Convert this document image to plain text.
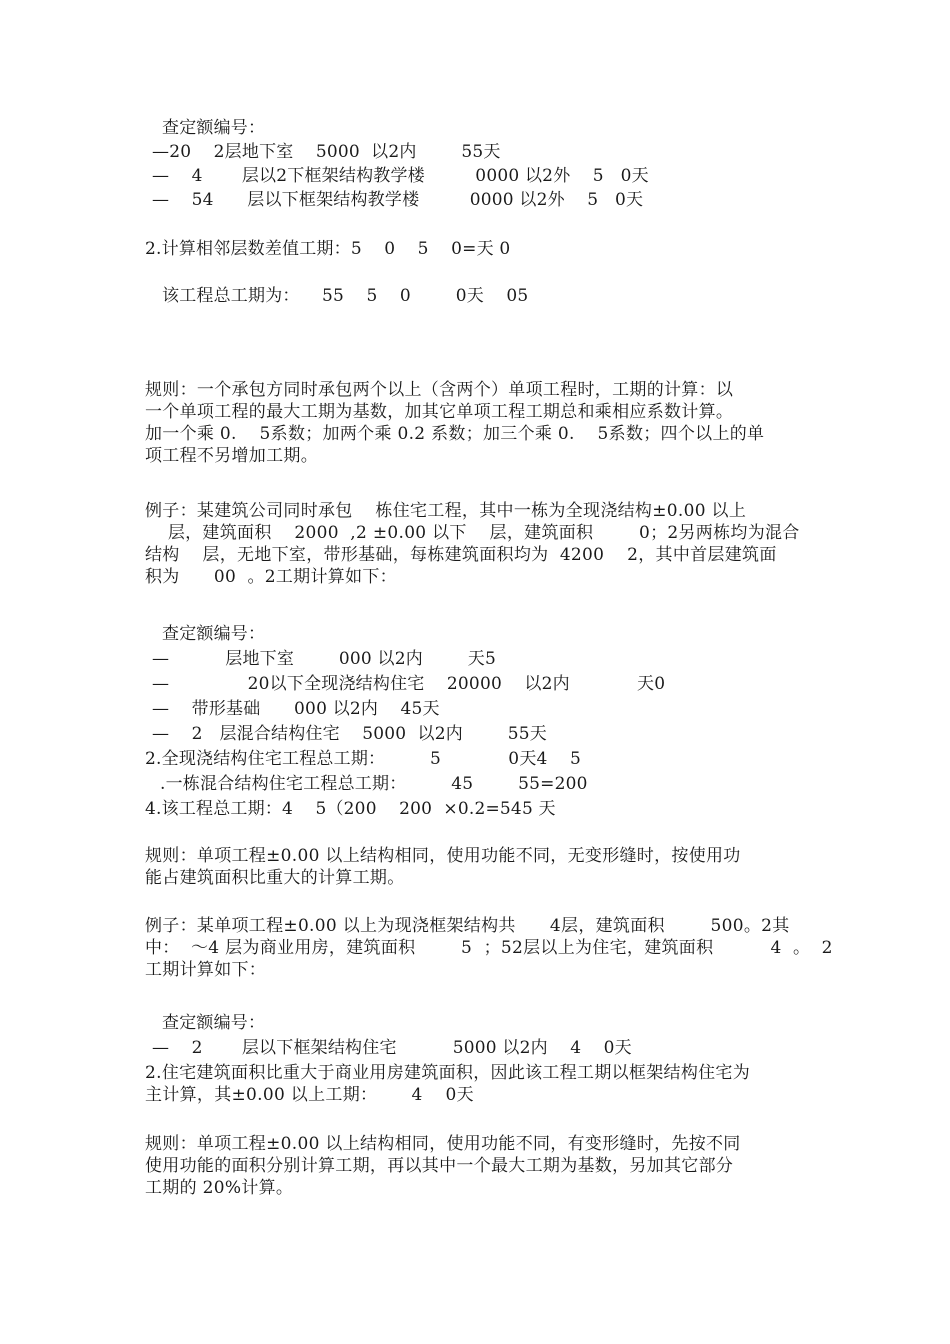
查定额编号：
—20    2层地下室    5000  以2内        55天
—    4       层以2下框架结构教学楼         0000 以2外    5   0天
—    54      层以下框架结构教学楼         0000 以2外    5   0天
2.计算相邻层数差值工期：5    0    5    0=天 0
该工程总工期为：    55    5    0        0天    05
规则：一个承包方同时承包两个以上（含两个）单项工程时，工期的计算：以
一个单项工程的最大工期为基数，加其它单项工程工期总和乘相应系数计算。
加一个乘 0.    5系数；加两个乘 0.2 系数；加三个乘 0.    5系数；四个以上的单
项工程不另增加工期。
例子：某建筑公司同时承包    栋住宅工程，其中一栋为全现浇结构±0.00 以上
层，建筑面积    2000  ,2 ±0.00 以下    层，建筑面积        0；2另两栋均为混合
结构    层，无地下室，带形基础，每栋建筑面积均为  4200    2，其中首层建筑面
积为      00  。2工期计算如下：
查定额编号：
—          层地下室        000 以2内        天5
—              20以下全现浇结构住宅    20000    以2内            天0
—    带形基础      000 以2内    45天
—    2   层混合结构住宅    5000  以2内        55天
2.全现浇结构住宅工程总工期：        5            0天4    5
.一栋混合结构住宅工程总工期：        45        55=200
4.该工程总工期：4    5（200    200  ×0.2=545 天
规则：单项工程±0.00 以上结构相同，使用功能不同，无变形缝时，按使用功
能占建筑面积比重大的计算工期。
例子：某单项工程±0.00 以上为现浇框架结构共      4层，建筑面积        500。2其
中：  ～4 层为商业用房，建筑面积        5  ；52层以上为住宅，建筑面积          4  。  2
工期计算如下：
查定额编号：
—    2       层以下框架结构住宅          5000 以2内    4    0天
2.住宅建筑面积比重大于商业用房建筑面积，因此该工程工期以框架结构住宅为
主计算，其±0.00 以上工期：      4    0天
规则：单项工程±0.00 以上结构相同，使用功能不同，有变形缝时，先按不同
使用功能的面积分别计算工期，再以其中一个最大工期为基数，另加其它部分
工期的 20%计算。
